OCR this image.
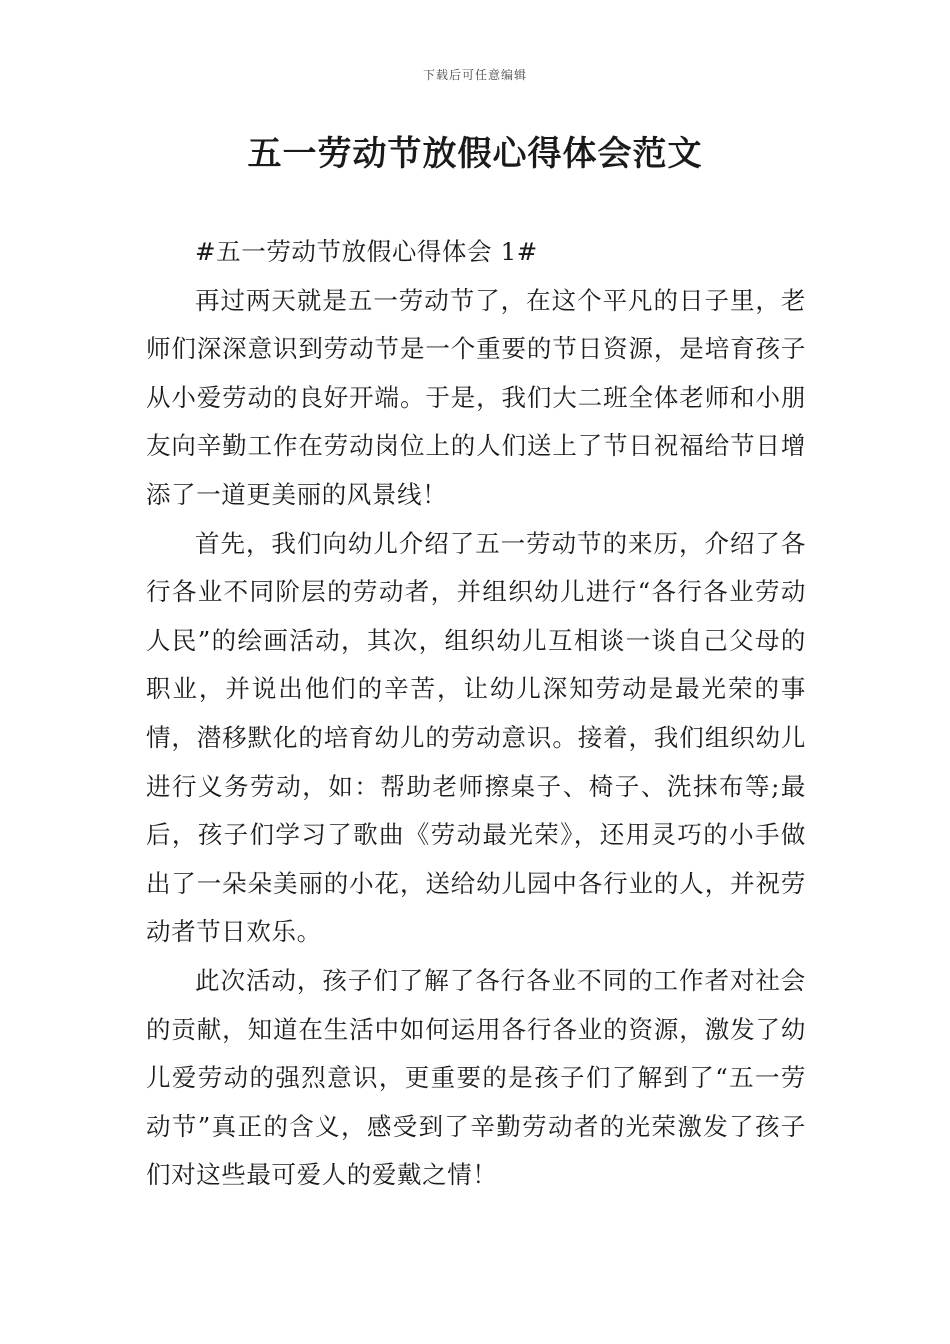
下载后可任意编辑
五一劳动节放假心得体会范文

#五一劳动节放假心得体会 1#

再过两天就是五一劳动节了，在这个平凡的日子里，老师们深深意识到劳动节是一个重要的节日资源，是培育孩子从小爱劳动的良好开端。于是，我们大二班全体老师和小朋友向辛勤工作在劳动岗位上的人们送上了节日祝福给节日增添了一道更美丽的风景线！

首先，我们向幼儿介绍了五一劳动节的来历，介绍了各行各业不同阶层的劳动者，并组织幼儿进行“各行各业劳动人民”的绘画活动，其次，组织幼儿互相谈一谈自己父母的职业，并说出他们的辛苦，让幼儿深知劳动是最光荣的事情，潜移默化的培育幼儿的劳动意识。接着，我们组织幼儿进行义务劳动，如：帮助老师擦桌子、椅子、洗抹布等;最后，孩子们学习了歌曲《劳动最光荣》，还用灵巧的小手做出了一朵朵美丽的小花，送给幼儿园中各行业的人，并祝劳动者节日欢乐。

此次活动，孩子们了解了各行各业不同的工作者对社会的贡献，知道在生活中如何运用各行各业的资源，激发了幼儿爱劳动的强烈意识，更重要的是孩子们了解到了“五一劳动节”真正的含义，感受到了辛勤劳动者的光荣激发了孩子们对这些最可爱人的爱戴之情！
